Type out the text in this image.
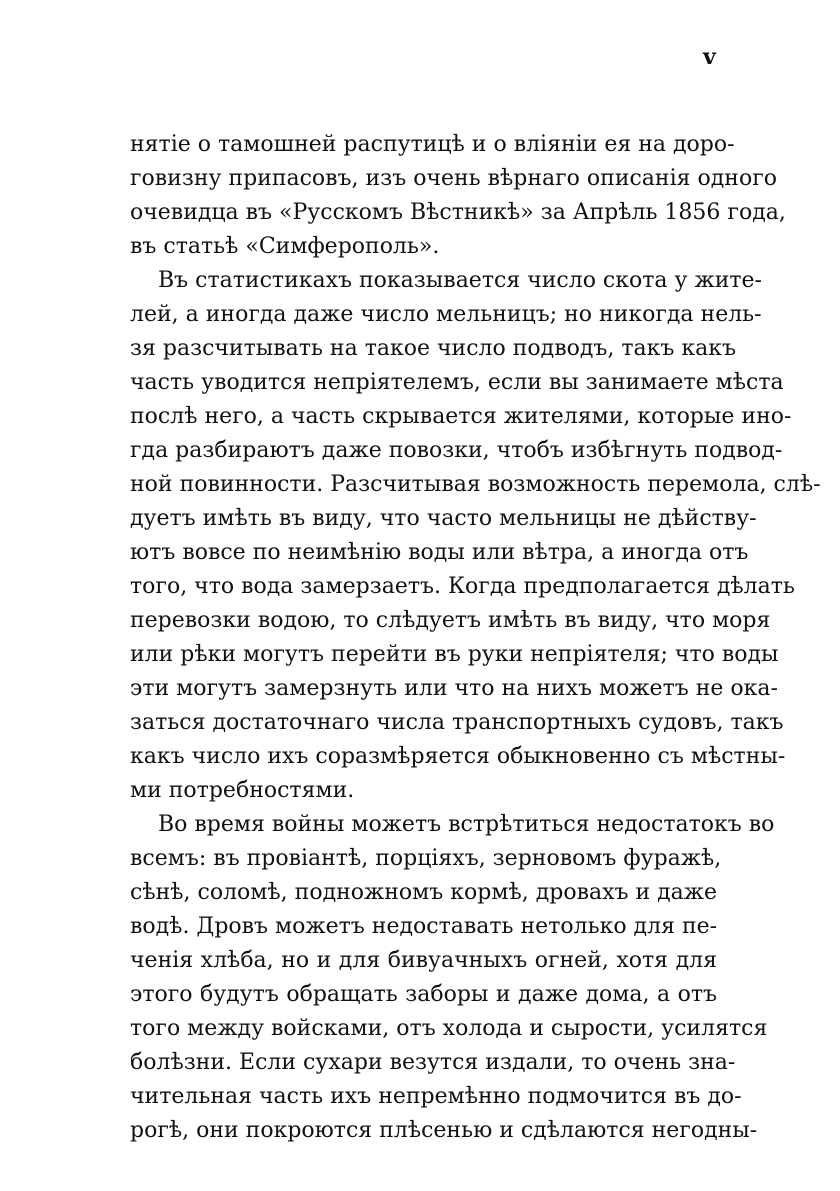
v
нятіе о тамошней распутицѣ и о вліяніи ея на доро-
говизну припасовъ, изъ очень вѣрнаго описанія одного
очевидца въ «Русскомъ Вѣстникѣ» за Апрѣль 1856 года,
въ статьѣ «Симферополь».
Въ статистикахъ показывается число скота у жите-
лей, а иногда даже число мельницъ; но никогда нель-
зя разсчитывать на такое число подводъ, такъ какъ
часть уводится непріятелемъ, если вы занимаете мѣста
послѣ него, а часть скрывается жителями, которые ино-
гда разбираютъ даже повозки, чтобъ избѣгнуть подвод-
ной повинности. Разсчитывая возможность перемола, слѣ-
дуетъ имѣть въ виду, что часто мельницы не дѣйству-
ютъ вовсе по неимѣнію воды или вѣтра, а иногда отъ
того, что вода замерзаетъ. Когда предполагается дѣлать
перевозки водою, то слѣдуетъ имѣть въ виду, что моря
или рѣки могутъ перейти въ руки непріятеля; что воды
эти могутъ замерзнуть или что на нихъ можетъ не ока-
заться достаточнаго числа транспортныхъ судовъ, такъ
какъ число ихъ соразмѣряется обыкновенно съ мѣстны-
ми потребностями.
Во время войны можетъ встрѣтиться недостатокъ во
всемъ: въ провіантѣ, порціяхъ, зерновомъ фуражѣ,
сѣнѣ, соломѣ, подножномъ кормѣ, дровахъ и даже
водѣ. Дровъ можетъ недоставать нетолько для пе-
ченія хлѣба, но и для бивуачныхъ огней, хотя для
этого будутъ обращать заборы и даже дома, а отъ
того между войсками, отъ холода и сырости, усилятся
болѣзни. Если сухари везутся издали, то очень зна-
чительная часть ихъ непремѣнно подмочится въ до-
рогѣ, они покроются плѣсенью и сдѣлаются негодны-
